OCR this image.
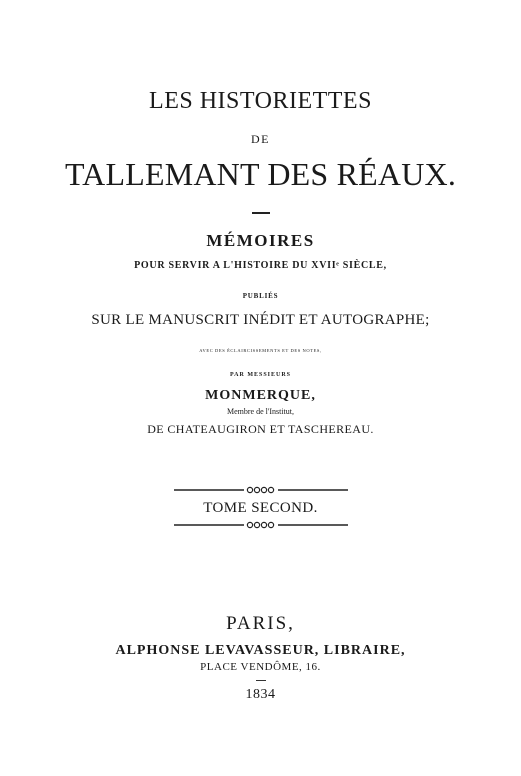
LES HISTORIETTES
DE
TALLEMANT DES RÉAUX.
MÉMOIRES
POUR SERVIR A L'HISTOIRE DU XVIIᵉ SIÈCLE,
PUBLIÉS
SUR LE MANUSCRIT INÉDIT ET AUTOGRAPHE;
AVEC DES ÉCLAIRCISSEMENTS ET DES NOTES,
PAR MESSIEURS
MONMERQUE,
Membre de l'Institut,
DE CHATEAUGIRON ET TASCHEREAU.
TOME SECOND.
PARIS,
ALPHONSE LEVAVASSEUR, LIBRAIRE,
PLACE VENDÔME, 16.
1834
